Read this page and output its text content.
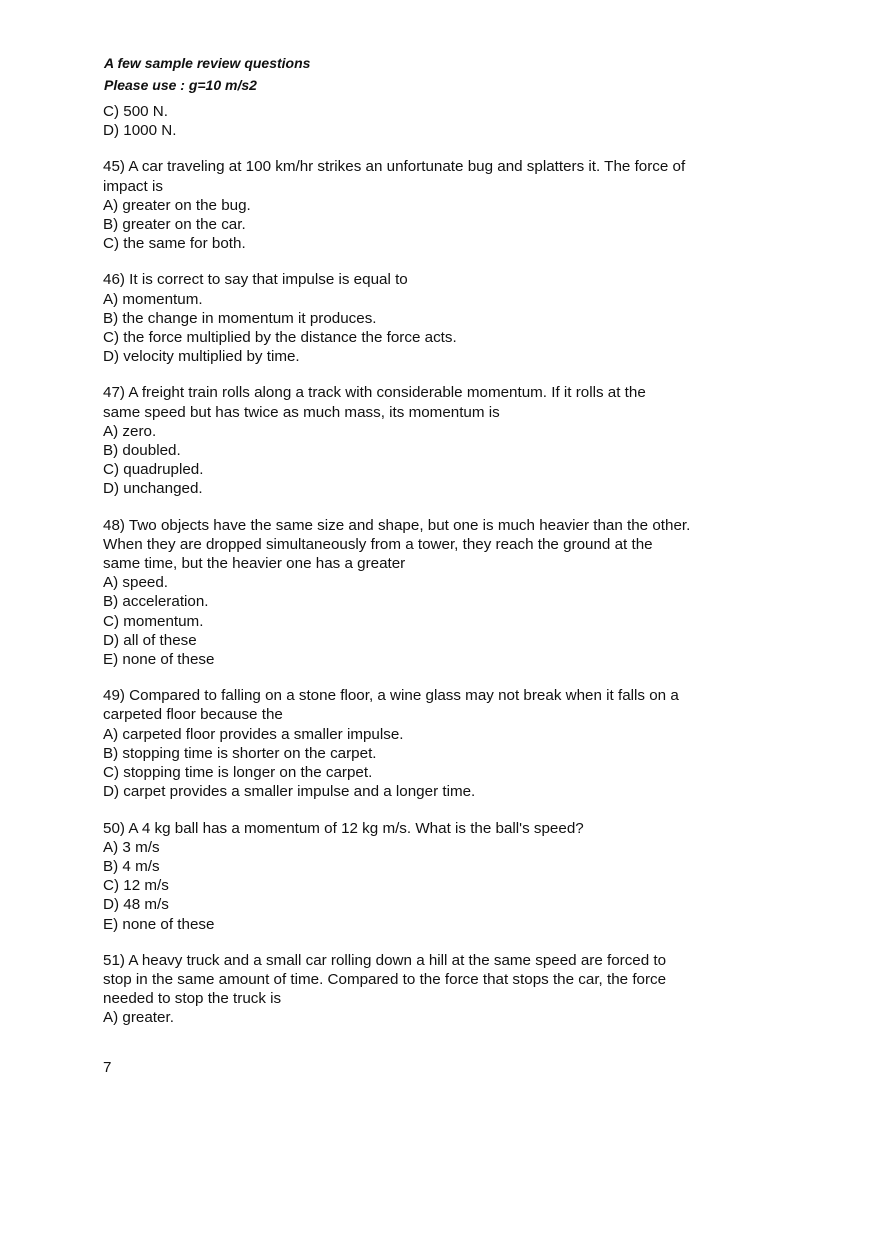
A few sample review questions
Please use : g=10 m/s2
C) 500 N.
D) 1000 N.
45) A car traveling at 100 km/hr strikes an unfortunate bug and splatters it. The force of
impact is
A) greater on the bug.
B) greater on the car.
C) the same for both.
46) It is correct to say that impulse is equal to
A) momentum.
B) the change in momentum it produces.
C) the force multiplied by the distance the force acts.
D) velocity multiplied by time.
47) A freight train rolls along a track with considerable momentum. If it rolls at the
same speed but has twice as much mass, its momentum is
A) zero.
B) doubled.
C) quadrupled.
D) unchanged.
48) Two objects have the same size and shape, but one is much heavier than the other.
When they are dropped simultaneously from a tower, they reach the ground at the
same time, but the heavier one has a greater
A) speed.
B) acceleration.
C) momentum.
D) all of these
E) none of these
49) Compared to falling on a stone floor, a wine glass may not break when it falls on a
carpeted floor because the
A) carpeted floor provides a smaller impulse.
B) stopping time is shorter on the carpet.
C) stopping time is longer on the carpet.
D) carpet provides a smaller impulse and a longer time.
50) A 4 kg ball has a momentum of 12 kg m/s. What is the ball's speed?
A) 3 m/s
B) 4 m/s
C) 12 m/s
D) 48 m/s
E) none of these
51) A heavy truck and a small car rolling down a hill at the same speed are forced to
stop in the same amount of time. Compared to the force that stops the car, the force
needed to stop the truck is
A) greater.
7
